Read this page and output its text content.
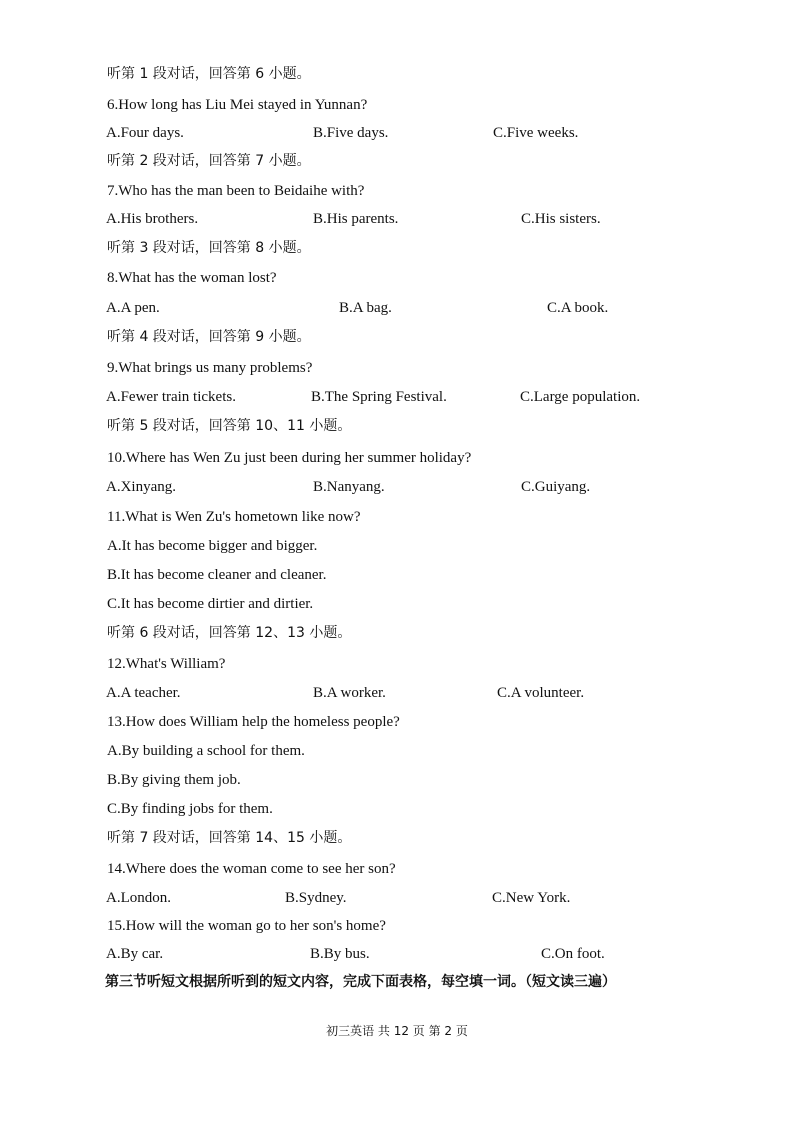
听第 1 段对话，回答第 6 小题。
6.How long has Liu Mei stayed in Yunnan?
A.Four days.	B.Five days.	C.Five weeks.
听第 2 段对话，回答第 7 小题。
7.Who has the man been to Beidaihe with?
A.His brothers.	B.His parents.	C.His sisters.
听第 3 段对话，回答第 8 小题。
8.What has the woman lost?
A.A pen.	B.A bag.	C.A book.
听第 4 段对话，回答第 9 小题。
9.What brings us many problems?
A.Fewer train tickets.	B.The Spring Festival.	C.Large population.
听第 5 段对话，回答第 10、11 小题。
10.Where has Wen Zu just been during her summer holiday?
A.Xinyang.	B.Nanyang.	C.Guiyang.
11.What is Wen Zu's hometown like now?
A.It has become bigger and bigger.
B.It has become cleaner and cleaner.
C.It has become dirtier and dirtier.
听第 6 段对话，回答第 12、13 小题。
12.What's William?
A.A teacher.	B.A worker.	C.A volunteer.
13.How does William help the homeless people?
A.By building a school for them.
B.By giving them job.
C.By finding jobs for them.
听第 7 段对话，回答第 14、15 小题。
14.Where does the woman come to see her son?
A.London.	B.Sydney.	C.New York.
15.How will the woman go to her son's home?
A.By car.	B.By bus.	C.On foot.
第三节听短文根据所听到的短文内容，完成下面表格，每空填一词。（短文读三遍）
初三英语 共 12 页 第 2 页
